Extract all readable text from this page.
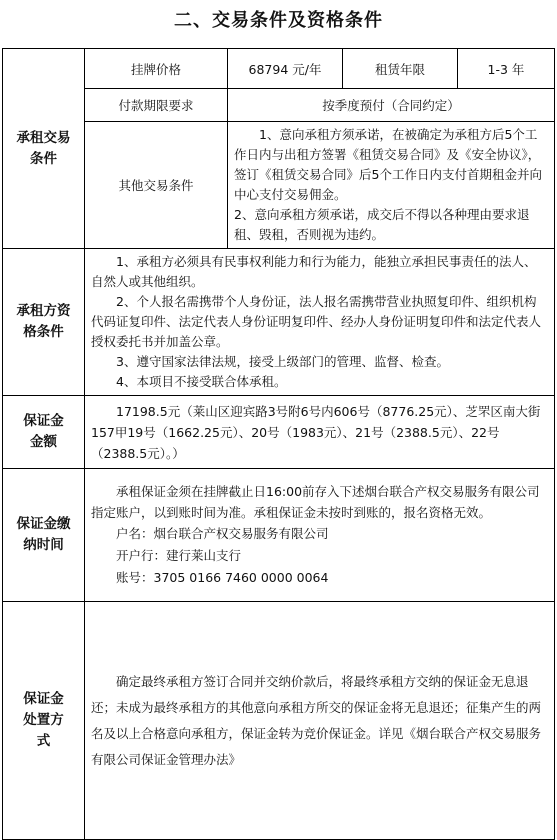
二、交易条件及资格条件
承租交易条件	挂牌价格	68794 元/年	租赁年限	1-3 年
	付款期限要求	按季度预付（合同约定）		
	其他交易条件	1、意向承租方须承诺，在被确定为承租方后5个工作日内与出租方签署《租赁交易合同》及《安全协议》，签订《租赁交易合同》后5个工作日内支付首期租金并向中心支付交易佣金。

2、意向承租方须承诺，成交后不得以各种理由要求退租、毁租，否则视为违约。		

承租方资格条件	1、承租方必须具有民事权利能力和行为能力，能独立承担民事责任的法人、自然人或其他组织。

2、个人报名需携带个人身份证，法人报名需携带营业执照复印件、组织机构代码证复印件、法定代表人身份证明复印件、经办人身份证明复印件和法定代表人授权委托书并加盖公章。

3、遵守国家法律法规，接受上级部门的管理、监督、检查。

4、本项目不接受联合体承租。			

保证金金额	17198.5元（莱山区迎宾路3号附6号内606号（8776.25元）、芝罘区南大街157甲19号（1662.25元）、20号（1983元）、21号（2388.5元）、22号（2388.5元）。）			

保证金缴纳时间	承租保证金须在挂牌截止日16:00前存入下述烟台联合产权交易服务有限公司指定账户，以到账时间为准。承租保证金未按时到账的，报名资格无效。

户名：烟台联合产权交易服务有限公司
开户行：建行莱山支行
账号：3705 0166 7460 0000 0064			

保证金处置方式	确定最终承租方签订合同并交纳价款后，将最终承租方交纳的保证金无息退还；未成为最终承租方的其他意向承租方所交的保证金将无息退还；征集产生的两名及以上合格意向承租方，保证金转为竞价保证金。详见《烟台联合产权交易服务有限公司保证金管理办法》			
